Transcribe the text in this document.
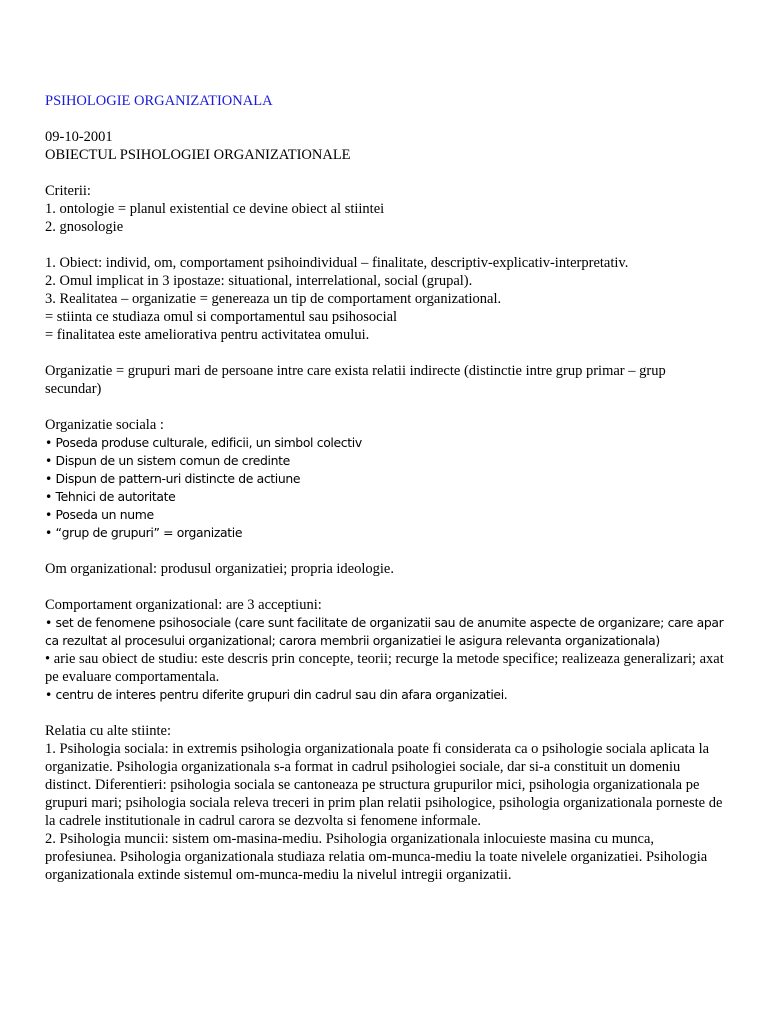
PSIHOLOGIE ORGANIZATIONALA

09-10-2001
OBIECTUL PSIHOLOGIEI ORGANIZATIONALE

Criterii:
1. ontologie = planul existential ce devine obiect al stiintei
2. gnosologie

1. Obiect: individ, om, comportament psihoindividual – finalitate, descriptiv-explicativ-interpretativ.
2. Omul implicat in 3 ipostaze: situational, interrelational, social (grupal).
3. Realitatea – organizatie = genereaza un tip de comportament organizational.
= stiinta ce studiaza omul si comportamentul sau psihosocial
= finalitatea este ameliorativa pentru activitatea omului.

Organizatie = grupuri mari de persoane intre care exista relatii indirecte (distinctie intre grup primar – grup secundar)

Organizatie sociala :
• Poseda produse culturale, edificii, un simbol colectiv
• Dispun de un sistem comun de credinte
• Dispun de pattern-uri distincte de actiune
• Tehnici de autoritate
• Poseda un nume
• “grup de grupuri” = organizatie

Om organizational: produsul organizatiei; propria ideologie.

Comportament organizational: are 3 acceptiuni:
• set de fenomene psihosociale (care sunt facilitate de organizatii sau de anumite aspecte de organizare; care apar ca rezultat al procesului organizational; carora membrii organizatiei le asigura relevanta organizationala)
• arie sau obiect de studiu: este descris prin concepte, teorii; recurge la metode specifice; realizeaza generalizari; axat pe evaluare comportamentala.
• centru de interes pentru diferite grupuri din cadrul sau din afara organizatiei.

Relatia cu alte stiinte:
1. Psihologia sociala: in extremis psihologia organizationala poate fi considerata ca o psihologie sociala aplicata la organizatie. Psihologia organizationala s-a format in cadrul psihologiei sociale, dar si-a constituit un domeniu distinct. Diferentieri: psihologia sociala se cantoneaza pe structura grupurilor mici, psihologia organizationala pe grupuri mari; psihologia sociala releva treceri in prim plan relatii psihologice, psihologia organizationala porneste de la cadrele institutionale in cadrul carora se dezvolta si fenomene informale.
2. Psihologia muncii: sistem om-masina-mediu. Psihologia organizationala inlocuieste masina cu munca, profesiunea. Psihologia organizationala studiaza relatia om-munca-mediu la toate nivelele organizatiei. Psihologia organizationala extinde sistemul om-munca-mediu la nivelul intregii organizatii.
